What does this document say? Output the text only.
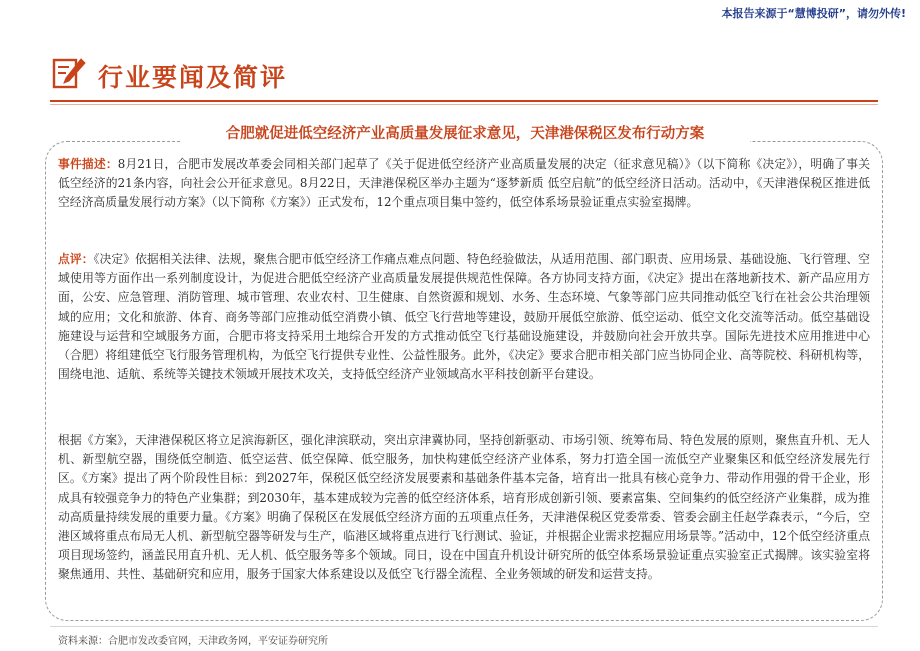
本报告来源于“慧博投研”，请勿外传!
行业要闻及简评
合肥就促进低空经济产业高质量发展征求意见，天津港保税区发布行动方案

事件描述：8月21日，合肥市发展改革委会同相关部门起草了《关于促进低空经济产业高质量发展的决定（征求意见稿）》（以下简称《决定》），明确了事关低空经济的21条内容，向社会公开征求意见。8月22日，天津港保税区举办主题为“逐梦新质 低空启航”的低空经济日活动。活动中，《天津港保税区推进低空经济高质量发展行动方案》（以下简称《方案》）正式发布，12个重点项目集中签约，低空体系场景验证重点实验室揭牌。

点评：《决定》依据相关法律、法规，聚焦合肥市低空经济工作痛点难点问题、特色经验做法，从适用范围、部门职责、应用场景、基础设施、飞行管理、空域使用等方面作出一系列制度设计，为促进合肥低空经济产业高质量发展提供规范性保障。各方协同支持方面，《决定》提出在落地新技术、新产品应用方面，公安、应急管理、消防管理、城市管理、农业农村、卫生健康、自然资源和规划、水务、生态环境、气象等部门应共同推动低空飞行在社会公共治理领域的应用；文化和旅游、体育、商务等部门应推动低空消费小镇、低空飞行营地等建设，鼓励开展低空旅游、低空运动、低空文化交流等活动。低空基础设施建设与运营和空域服务方面，合肥市将支持采用土地综合开发的方式推动低空飞行基础设施建设，并鼓励向社会开放共享。国际先进技术应用推进中心（合肥）将组建低空飞行服务管理机构，为低空飞行提供专业性、公益性服务。此外，《决定》要求合肥市相关部门应当协同企业、高等院校、科研机构等，围绕电池、适航、系统等关键技术领域开展技术攻关，支持低空经济产业领域高水平科技创新平台建设。

根据《方案》，天津港保税区将立足滨海新区，强化津滨联动，突出京津冀协同，坚持创新驱动、市场引领、统筹布局、特色发展的原则，聚焦直升机、无人机、新型航空器，围绕低空制造、低空运营、低空保障、低空服务，加快构建低空经济产业体系，努力打造全国一流低空产业聚集区和低空经济发展先行区。《方案》提出了两个阶段性目标：到2027年，保税区低空经济发展要素和基础条件基本完备，培育出一批具有核心竞争力、带动作用强的骨干企业，形成具有较强竞争力的特色产业集群；到2030年，基本建成较为完善的低空经济体系，培育形成创新引领、要素富集、空间集约的低空经济产业集群，成为推动高质量持续发展的重要力量。《方案》明确了保税区在发展低空经济方面的五项重点任务，天津港保税区党委常委、管委会副主任赵学森表示，“今后，空港区域将重点布局无人机、新型航空器等研发与生产，临港区域将重点进行飞行测试、验证，并根据企业需求挖掘应用场景等。”活动中，12个低空经济重点项目现场签约，涵盖民用直升机、无人机、低空服务等多个领域。同日，设在中国直升机设计研究所的低空体系场景验证重点实验室正式揭牌。该实验室将聚焦通用、共性、基础研究和应用，服务于国家大体系建设以及低空飞行器全流程、全业务领域的研发和运营支持。

资料来源：合肥市发改委官网，天津政务网，平安证券研究所
